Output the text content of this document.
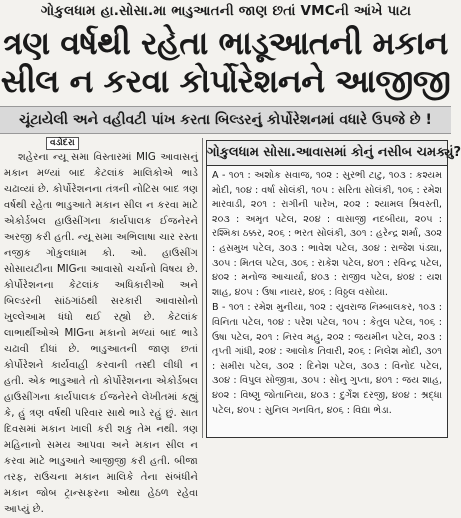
ગોકુલધામ હા.સોસા.મા ભાડુઆતની જાણ છતાં VMCની આંખે પાટા
ત્રણ વર્ષથી રહેતા ભાડૂઆતની મકાન
સીલ ન કરવા કોર્પોરેશનને આજીજી
ચૂંટાયેલી અને વહીવટી પાંખ કરતા બિલ્ડરનું કોર્પોરેશનમાં વધારે ઉપજે છે !
વડોદરા

શહેરના ન્યૂ સમા વિસ્તારમાં MIG આવાસનું મકાન મળ્યાં બાદ કેટલાંક માલિકોએ ભાડે ચઢાવ્યાં છે. કોર્પોરેશનના તંત્રની નોટિસ બાદ ત્રણ વર્ષથી રહેતા ભાડુઆતે મકાન સીલ ન કરવા માટે એકોર્ડબલ હાઉસીંગના કાર્યપાલક ઈજનેરને અરજી કરી હતી. ન્યૂ સમા અભિલાષા ચાર રસ્તા નજીક ગોકુલધામ કો. ઓ. હાઉસીંગ સોસાયટીના MIGના આવાસો ચર્ચાનો વિષય છે. કોર્પોરેશનના કેટલાંક અધિકારીઓ અને બિલ્ડરની સાંઠગાંઠથી સરકારી આવાસોનો ખુલ્લેઆમ ધંધો થઈ રહ્યો છે. કેટલાંક લાભાર્થીઓએ MIGના મકાનો મળ્યાં બાદ ભાડે ચઢાવી દીધાં છે. ભાડુઆતની જાણ છતાં કોર્પોરેશને કાર્યવાહી કરવાની તસ્દી લીધી ન હતી. એક ભાડુઆતે તો કોર્પોરેશનના એકોર્ડબલ હાઉસીંગના કાર્યપાલક ઈજનેરને લેખીતમાં કહ્યું કે, હું ત્રણ વર્ષથી પરિવાર સાથે ભાડે રહું છું. સાત દિવસમાં મકાન ખાલી કરી શકુ તેમ નથી. ત્રણ મહિનાનો સમય આપવા અને મકાન સીલ ન કરવા માટે ભાડુઆતે આજીજી કરી હતી. બીજા તરફ, રાઉચના મકાન માલિકે તેના સંબંધીને મકાન જોબ ટ્રાન્સફરના ઓથા હેઠળ રહેવા આપ્યું છે.

ગોકુલધામ સોસા.આવાસમાં કોનું નસીબ ચમક્યું?

A - ૧૦૧ : અશોક સવાજ, ૧૦૨ : સુરભી ટાટુ, ૧૦૩ : કશ્યમ મોદી, ૧૦૪ : વર્ષા સોલંકી, ૧૦૫ : સરિતા સોલંકી, ૧૦૬ : રમેશ મારવાડી, ૨૦૧ : રાગીની પારેખ, ૨૦૨ : શ્યામલ શ્રિવસ્તી, ૨૦૩ : અમૃત પટેલ, ૨૦૪ : વાસાજી નદબીયા, ૨૦૫ : રશ્મિકા ઠક્કર, ૨૦૬ : ભરત સોલંકી, ૩૦૧ : હરેન્દ્ર શર્મા, ૩૦૨ : હસમુખ પટેલ, ૩૦૩ : ભાવેશ પટેલ, ૩૦૪ : રાજેશ પંડ્યા, ૩૦૫ : મિતલ પટેલ, ૩૦૬ : રાકેશ પટેલ, ૪૦૧ : રવિન્દ્ર પટેલ, ૪૦૨ : મનોજ આચાર્યા, ૪૦૩ : રાજીવ પટેલ, ૪૦૪ : યશ શાહ, ૪૦૫ : ઉષા નાયર, ૪૦૬ : વિઠ્ઠલ વસોયા.

B - ૧૦૧ : રમેશ મુનીયા, ૧૦૨ : યુવરાજ નિમ્બાલકર, ૧૦૩ : વિનિતા પટેલ, ૧૦૪ : પરેશ પટેલ, ૧૦૫ : કેતુલ પટેલ, ૧૦૬ : ઉષા પટેલ, ૨૦૧ : નિરવ મહુ, ૨૦૨ : જયમીન પટેલ, ૨૦૩ : તૃપ્તી ગાંધી, ૨૦૪ : આલોક તિવારી, ૨૦૬ : નિલેશ મોદી, ૩૦૧ : સમીરા પટેલ, ૩૦૨ : દિનેશ પટેલ, ૩૦૩ : વિનોદ પટેલ, ૩૦૪ : વિપુલ સોજીત્રા, ૩૦૫ : સોનુ ગુપ્તા, ૪૦૧ : જય શાહ, ૪૦૨ : વિષ્ણુ જોતાનિયા, ૪૦૩ : દુર્ગેશ દરજી, ૪૦૪ : શ્રદ્ધા પટેલ, ૪૦૫ : સુનિલ ગનવિત, ૪૦૬ : વિદ્યા ભેડા.
